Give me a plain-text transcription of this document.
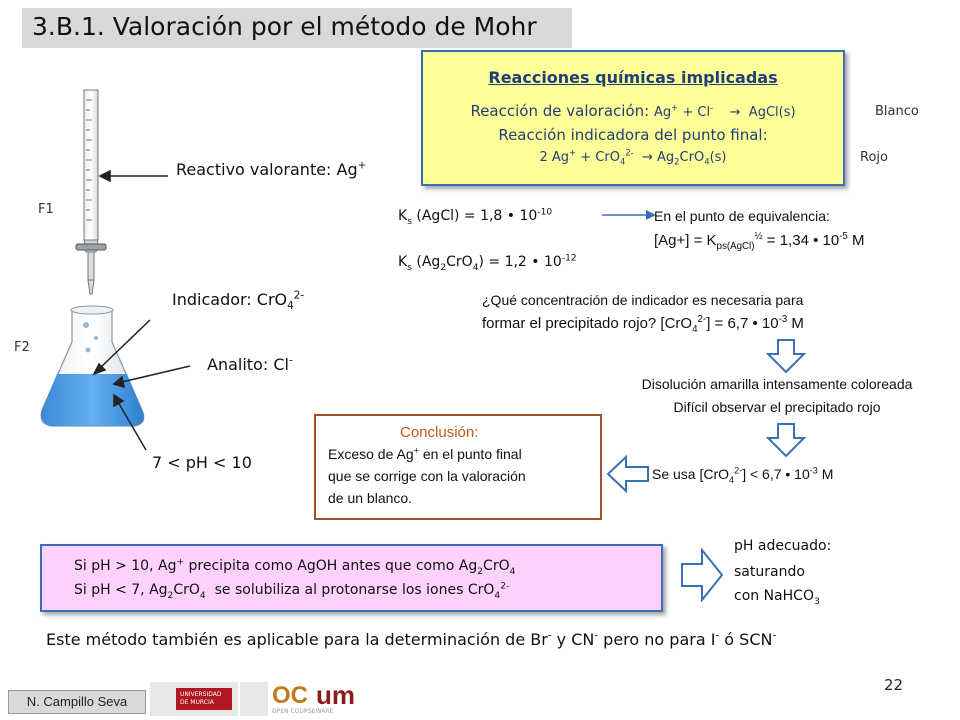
3.B.1. Valoración por el método de Mohr
Reacciones químicas implicadas
Reacción de valoración: Ag+ + Cl-    →  AgCl(s)
Reacción indicadora del punto final:
2 $Ag^+ + CrO_4^{2-} \to Ag_2CrO_4(s)$
Blanco
Rojo
F1
F2
Reactivo valorante: Ag+
Indicador: CrO$_4^{2-}$
Analito: Cl-
7 < pH < 10
$K_s$ (AgCl) = 1,8 • $10^{-10}$
$K_s$ $(Ag_2CrO_4) = 1,2$ • $10^{-12}$
En el punto de equivalencia:
$[Ag+] = K_{ps(AgCl)}^{\frac{1}{2}} = 1,34$ • $10^{-5}$ M
¿Qué concentración de indicador es necesaria para
formar el precipitado rojo? [CrO$_4^{2-}$] = 6,7 • $10^{-3}$ M
Disolución amarilla intensamente coloreada
Difícil observar el precipitado rojo
Se usa [CrO$_4^{2-}$] < 6,7 • $10^{-3}$ M
Conclusión:
Exceso de Ag+ en el punto final
que se corrige con la valoración
de un blanco.
Si pH > 10, Ag+ precipita como AgOH antes que como $Ag_2CrO_4$
Si pH < 7, $Ag_2CrO_4$  se solubiliza al protonarse los iones CrO$_4^{2-}$
pH adecuado:
saturando
con NaHCO$_3$
Este método también es aplicable para la determinación de Br- y CN- pero no para I- ó SCN-
N. Campillo Seva	UNIVERSIDAD DE MURCIA	OC
OPEN COURSEWARE
um	22
